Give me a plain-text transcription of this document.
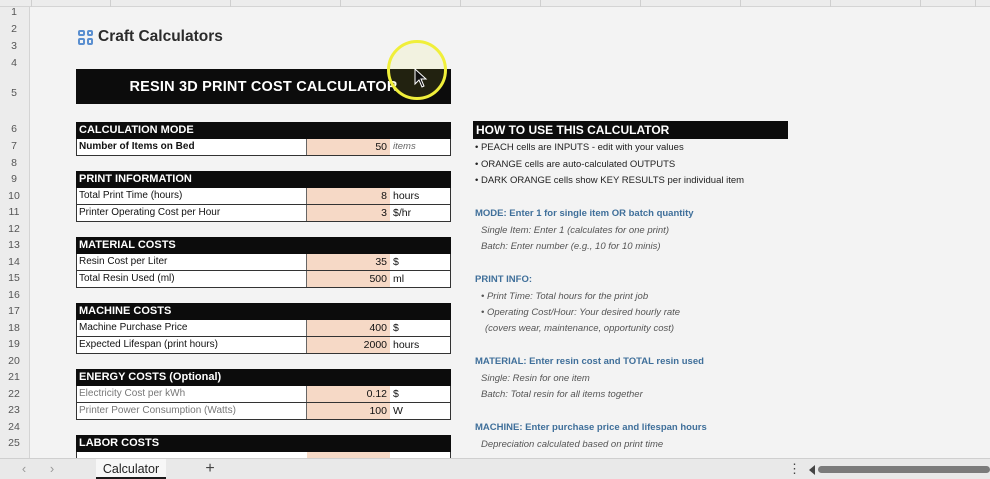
1
2
3
4
5
6
7
8
9
10
11
12
13
14
15
16
17
18
19
20
21
22
23
24
25
Craft Calculators
RESIN 3D PRINT COST CALCULATOR
CALCULATION MODE
Number of Items on Bed	50 items
PRINT INFORMATION
Total Print Time (hours)	8 hours
Printer Operating Cost per Hour	3 $/hr
MATERIAL COSTS
Resin Cost per Liter	35 $
Total Resin Used (ml)	500 ml
MACHINE COSTS
Machine Purchase Price	400 $
Expected Lifespan (print hours)	2000 hours
ENERGY COSTS (Optional)
Electricity Cost per kWh	0.12 $
Printer Power Consumption (Watts)	100 W
LABOR COSTS
HOW TO USE THIS CALCULATOR
• PEACH cells are INPUTS - edit with your values
• ORANGE cells are auto-calculated OUTPUTS
• DARK ORANGE cells show KEY RESULTS per individual item
MODE: Enter 1 for single item OR batch quantity
Single Item: Enter 1 (calculates for one print)
Batch: Enter number (e.g., 10 for 10 minis)
PRINT INFO:
• Print Time: Total hours for the print job
• Operating Cost/Hour: Your desired hourly rate
(covers wear, maintenance, opportunity cost)
MATERIAL: Enter resin cost and TOTAL resin used
Single: Resin for one item
Batch: Total resin for all items together
MACHINE: Enter purchase price and lifespan hours
Depreciation calculated based on print time
‹	›	Calculator	+	⋮
